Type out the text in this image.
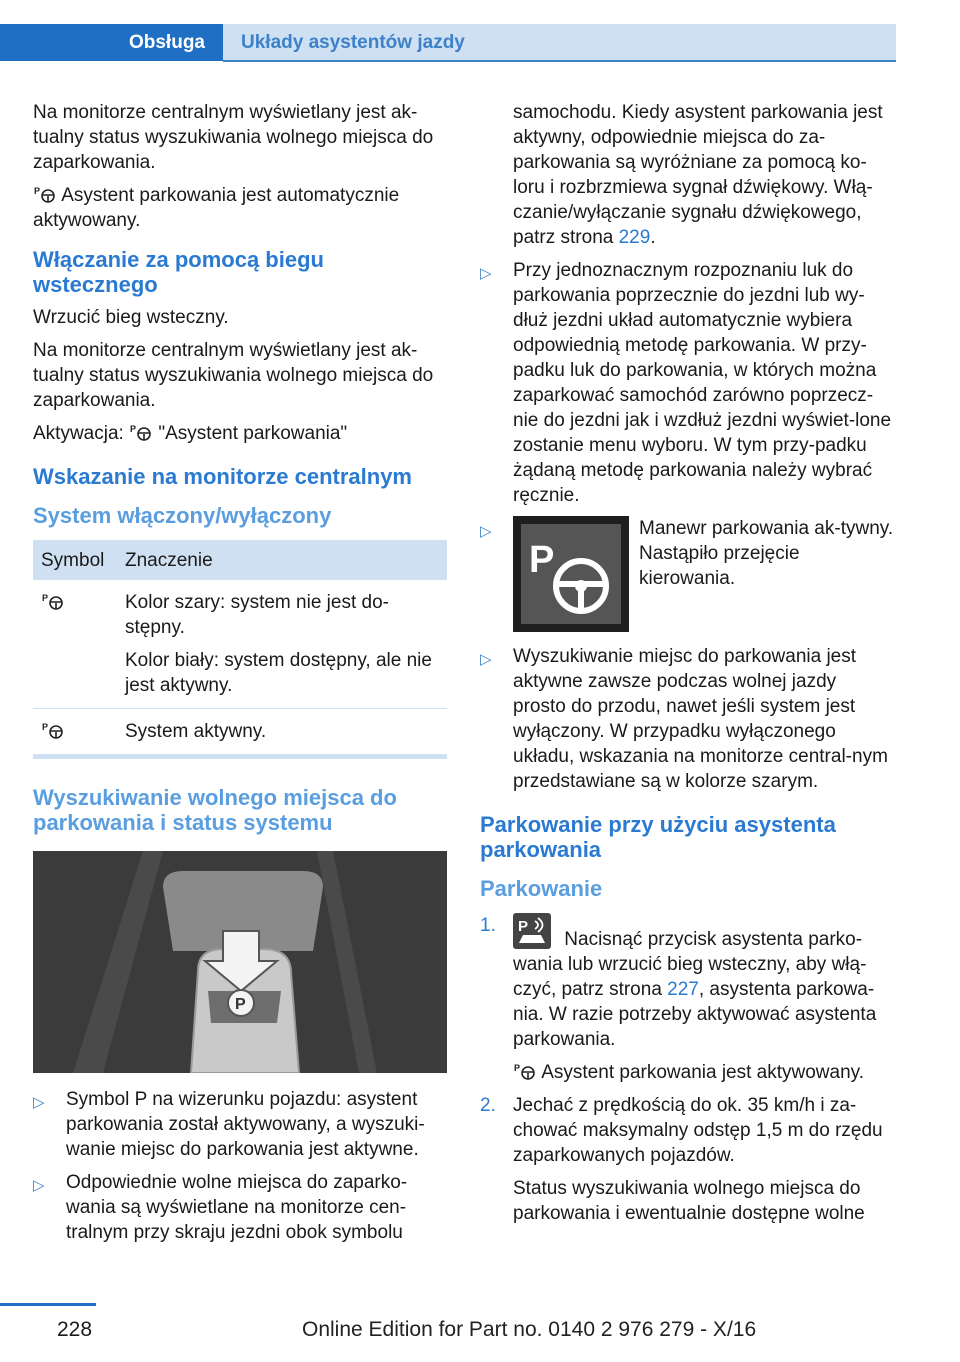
Obsługa	Układy asystentów jazdy

Na monitorze centralnym wyświetlany jest ak‐tualny status wyszukiwania wolnego miejsca do zaparkowania.

P Asystent parkowania jest automatycznie aktywowany.

Włączanie za pomocą biegu wstecznego

Wrzucić bieg wsteczny.

Na monitorze centralnym wyświetlany jest ak‐tualny status wyszukiwania wolnego miejsca do zaparkowania.

Aktywacja: P "Asystent parkowania"

Wskazanie na monitorze centralnym
System włączony/wyłączony
Symbol	Znaczenie

P	Kolor szary: system nie jest do‐stępny.

Kolor biały: system dostępny, ale nie jest aktywny.

P	System aktywny.
Wyszukiwanie wolnego miejsca do parkowania i status systemu
P
▷ Symbol P na wizerunku pojazdu: asystent parkowania został aktywowany, a wyszuki‐wanie miejsc do parkowania jest aktywne.
▷ Odpowiednie wolne miejsca do zaparko‐wania są wyświetlane na monitorze cen‐tralnym przy skraju jezdni obok symbolu

samochodu. Kiedy asystent parkowania jest aktywny, odpowiednie miejsca do za‐parkowania są wyróżniane za pomocą ko‐loru i rozbrzmiewa sygnał dźwiękowy. Włą‐czanie/wyłączanie sygnału dźwiękowego, patrz strona 229.

▷ Przy jednoznacznym rozpoznaniu luk do parkowania poprzecznie do jezdni lub wy‐dłuż jezdni układ automatycznie wybiera odpowiednią metodę parkowania. W przy‐padku luk do parkowania, w których można zaparkować samochód zarówno poprzecz‐nie do jezdni jak i wzdłuż jezdni wyświet‐lone zostanie menu wyboru. W tym przy‐padku żądaną metodę parkowania należy wybrać ręcznie.
▷
P
Manewr parkowania ak‐tywny. Nastąpiło przejęcie kierowania.
▷ Wyszukiwanie miejsc do parkowania jest aktywne zawsze podczas wolnej jazdy prosto do przodu, nawet jeśli system jest wyłączony. W przypadku wyłączonego układu, wskazania na monitorze central‐nym przedstawiane są w kolorze szarym.
Parkowanie przy użyciu asystenta parkowania
Parkowanie
1. P
Nacisnąć przycisk asystenta parko‐wania lub wrzucić bieg wsteczny, aby włą‐czyć, patrz strona 227, asystenta parkowa‐nia. W razie potrzeby aktywować asystenta parkowania.

P Asystent parkowania jest aktywowany.

2. Jechać z prędkością do ok. 35 km/h i za‐chować maksymalny odstęp 1,5 m do rzędu zaparkowanych pojazdów.

Status wyszukiwania wolnego miejsca do parkowania i ewentualnie dostępne wolne

228	Online Edition for Part no. 0140 2 976 279 - X/16
